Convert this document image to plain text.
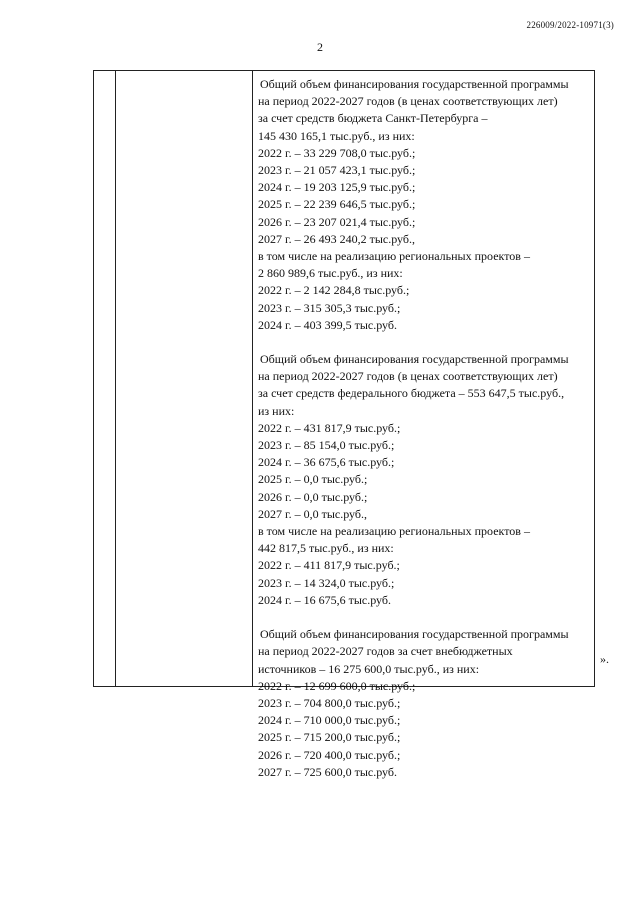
226009/2022-10971(3)
2
Общий объем финансирования государственной программы
на период 2022-2027 годов (в ценах соответствующих лет)
за счет средств бюджета Санкт-Петербурга –
145 430 165,1 тыс.руб., из них:
2022 г. – 33 229 708,0 тыс.руб.;
2023 г. – 21 057 423,1 тыс.руб.;
2024 г. – 19 203 125,9 тыс.руб.;
2025 г. – 22 239 646,5 тыс.руб.;
2026 г. – 23 207 021,4 тыс.руб.;
2027 г. – 26 493 240,2 тыс.руб.,
в том числе на реализацию региональных проектов –
2 860 989,6 тыс.руб., из них:
2022 г. – 2 142 284,8 тыс.руб.;
2023 г. – 315 305,3 тыс.руб.;
2024 г. – 403 399,5 тыс.руб.
Общий объем финансирования государственной программы
на период 2022-2027 годов (в ценах соответствующих лет)
за счет средств федерального бюджета – 553 647,5 тыс.руб.,
из них:
2022 г. – 431 817,9 тыс.руб.;
2023 г. – 85 154,0 тыс.руб.;
2024 г. – 36 675,6 тыс.руб.;
2025 г. – 0,0 тыс.руб.;
2026 г. – 0,0 тыс.руб.;
2027 г. – 0,0 тыс.руб.,
в том числе на реализацию региональных проектов –
442 817,5 тыс.руб., из них:
2022 г. – 411 817,9 тыс.руб.;
2023 г. – 14 324,0 тыс.руб.;
2024 г. – 16 675,6 тыс.руб.
Общий объем финансирования государственной программы
на период 2022-2027 годов за счет внебюджетных
источников – 16 275 600,0 тыс.руб., из них:
2022 г. – 12 699 600,0 тыс.руб.;
2023 г. – 704 800,0 тыс.руб.;
2024 г. – 710 000,0 тыс.руб.;
2025 г. – 715 200,0 тыс.руб.;
2026 г. – 720 400,0 тыс.руб.;
2027 г. – 725 600,0 тыс.руб.
».
